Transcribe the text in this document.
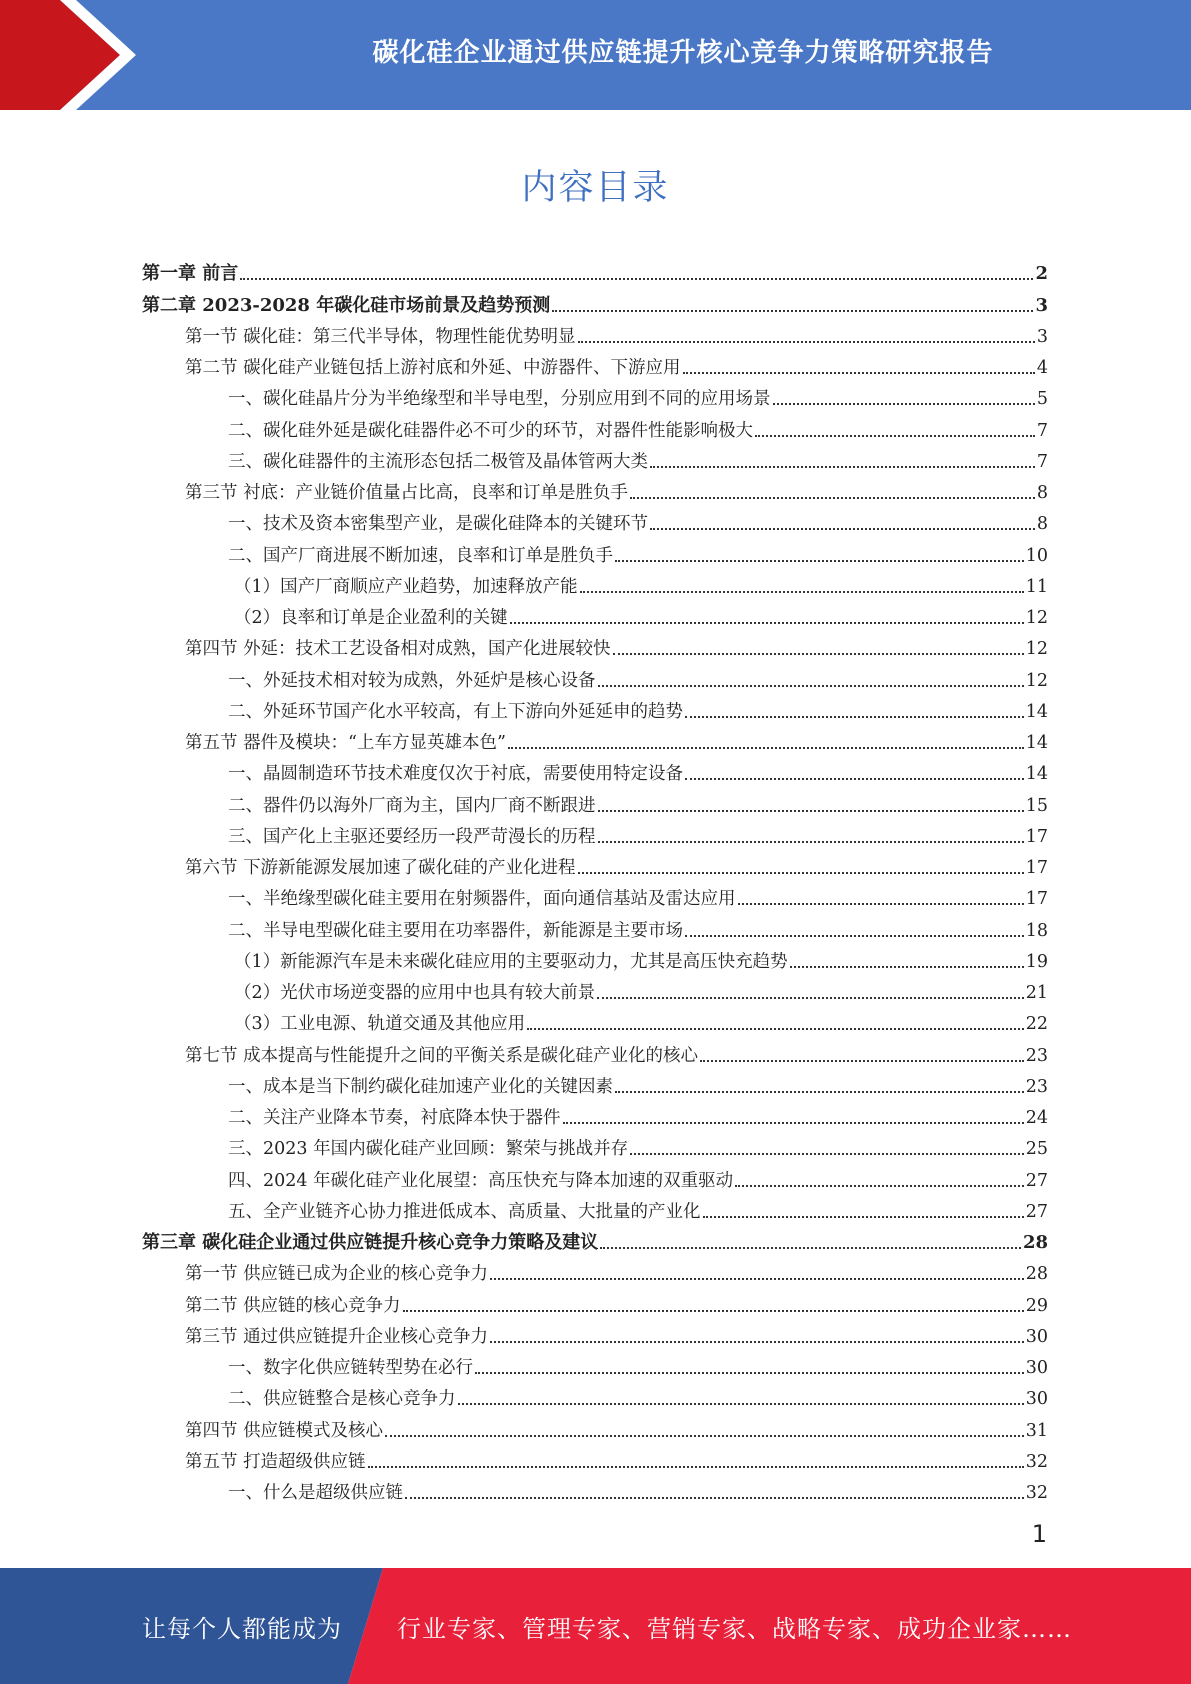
碳化硅企业通过供应链提升核心竞争力策略研究报告
内容目录
第一章 前言	2
第二章 2023-2028 年碳化硅市场前景及趋势预测	3
第一节 碳化硅：第三代半导体，物理性能优势明显	3
第二节 碳化硅产业链包括上游衬底和外延、中游器件、下游应用	4
一、碳化硅晶片分为半绝缘型和半导电型，分别应用到不同的应用场景	5
二、碳化硅外延是碳化硅器件必不可少的环节，对器件性能影响极大	7
三、碳化硅器件的主流形态包括二极管及晶体管两大类	7
第三节 衬底：产业链价值量占比高，良率和订单是胜负手	8
一、技术及资本密集型产业，是碳化硅降本的关键环节	8
二、国产厂商进展不断加速，良率和订单是胜负手	10
（1）国产厂商顺应产业趋势，加速释放产能	11
（2）良率和订单是企业盈利的关键	12
第四节 外延：技术工艺设备相对成熟，国产化进展较快	12
一、外延技术相对较为成熟，外延炉是核心设备	12
二、外延环节国产化水平较高，有上下游向外延延申的趋势	14
第五节 器件及模块：“上车方显英雄本色”	14
一、晶圆制造环节技术难度仅次于衬底，需要使用特定设备	14
二、器件仍以海外厂商为主，国内厂商不断跟进	15
三、国产化上主驱还要经历一段严苛漫长的历程	17
第六节 下游新能源发展加速了碳化硅的产业化进程	17
一、半绝缘型碳化硅主要用在射频器件，面向通信基站及雷达应用	17
二、半导电型碳化硅主要用在功率器件，新能源是主要市场	18
（1）新能源汽车是未来碳化硅应用的主要驱动力，尤其是高压快充趋势	19
（2）光伏市场逆变器的应用中也具有较大前景	21
（3）工业电源、轨道交通及其他应用	22
第七节 成本提高与性能提升之间的平衡关系是碳化硅产业化的核心	23
一、成本是当下制约碳化硅加速产业化的关键因素	23
二、关注产业降本节奏，衬底降本快于器件	24
三、2023 年国内碳化硅产业回顾：繁荣与挑战并存	25
四、2024 年碳化硅产业化展望：高压快充与降本加速的双重驱动	27
五、全产业链齐心协力推进低成本、高质量、大批量的产业化	27
第三章 碳化硅企业通过供应链提升核心竞争力策略及建议	28
第一节 供应链已成为企业的核心竞争力	28
第二节 供应链的核心竞争力	29
第三节 通过供应链提升企业核心竞争力	30
一、数字化供应链转型势在必行	30
二、供应链整合是核心竞争力	30
第四节 供应链模式及核心	31
第五节 打造超级供应链	32
一、什么是超级供应链	32
1
让每个人都能成为 行业专家、管理专家、营销专家、战略专家、成功企业家……
